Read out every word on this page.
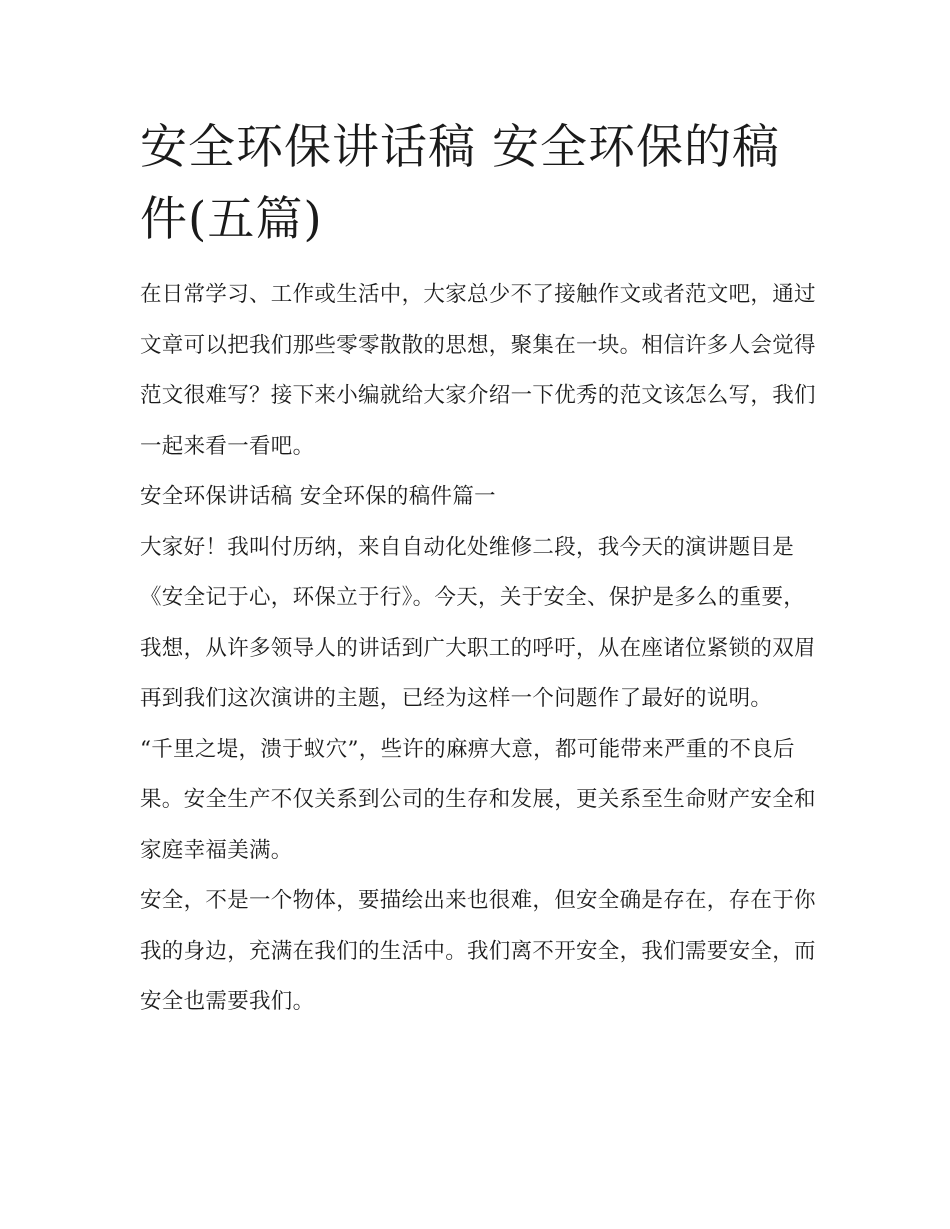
安全环保讲话稿 安全环保的稿件(五篇)

在日常学习、工作或生活中，大家总少不了接触作文或者范文吧，通过文章可以把我们那些零零散散的思想，聚集在一块。相信许多人会觉得范文很难写？接下来小编就给大家介绍一下优秀的范文该怎么写，我们一起来看一看吧。

安全环保讲话稿 安全环保的稿件篇一

大家好！我叫付历纳，来自自动化处维修二段，我今天的演讲题目是《安全记于心，环保立于行》。今天，关于安全、保护是多么的重要，我想，从许多领导人的讲话到广大职工的呼吁，从在座诸位紧锁的双眉再到我们这次演讲的主题，已经为这样一个问题作了最好的说明。

“千里之堤，溃于蚁穴”，些许的麻痹大意，都可能带来严重的不良后果。安全生产不仅关系到公司的生存和发展，更关系至生命财产安全和家庭幸福美满。

安全，不是一个物体，要描绘出来也很难，但安全确是存在，存在于你我的身边，充满在我们的生活中。我们离不开安全，我们需要安全，而安全也需要我们。
